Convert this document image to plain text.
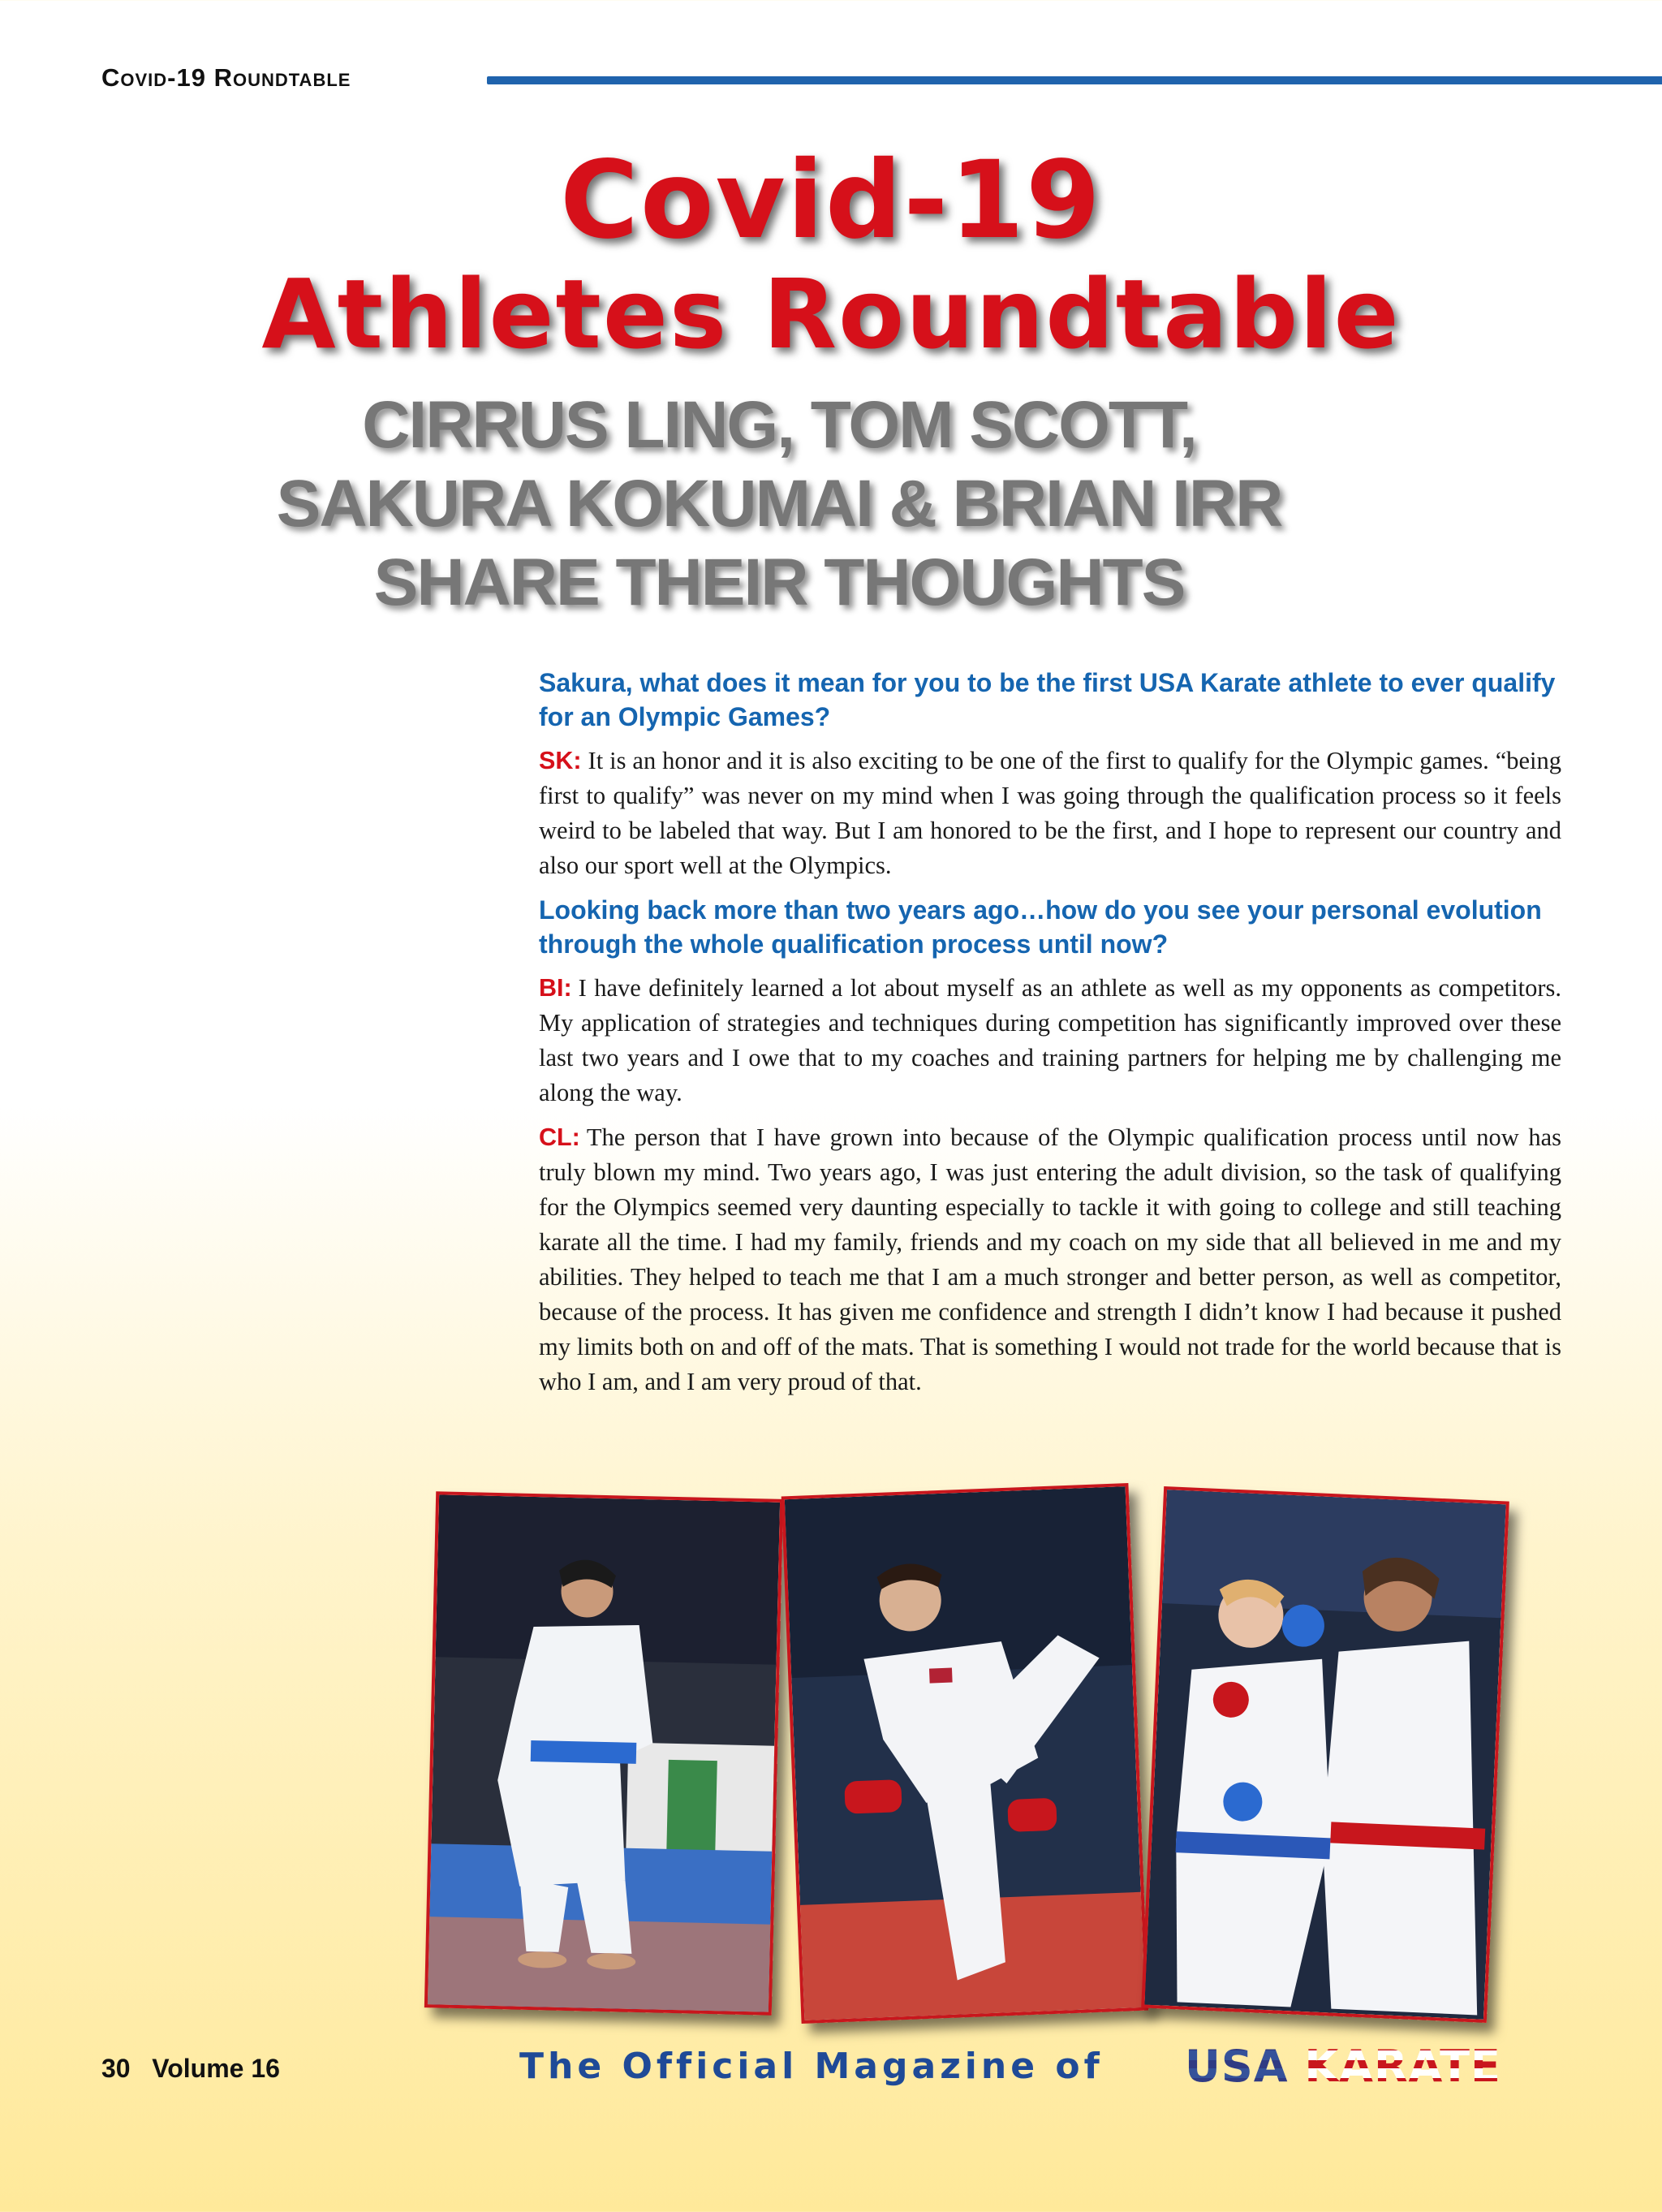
Covid-19 Roundtable
Covid-19
Athletes Roundtable
CIRRUS LING, TOM SCOTT,
SAKURA KOKUMAI & BRIAN IRR
SHARE THEIR THOUGHTS

Sakura, what does it mean for you to be the first USA Karate athlete to ever qualify for an Olympic Games?

SK: It is an honor and it is also exciting to be one of the first to qualify for the Olympic games. “being first to qualify” was never on my mind when I was going through the qualification process so it feels weird to be labeled that way. But I am honored to be the first, and I hope to represent our country and also our sport well at the Olympics.

Looking back more than two years ago…how do you see your personal evolution through the whole qualification process until now?

BI: I have definitely learned a lot about myself as an athlete as well as my opponents as competitors. My application of strategies and techniques during competition has significantly improved over these last two years and I owe that to my coaches and training partners for helping me by challenging me along the way.

CL: The person that I have grown into because of the Olympic qualification process until now has truly blown my mind. Two years ago, I was just entering the adult division, so the task of qualifying for the Olympics seemed very daunting especially to tackle it with going to college and still teaching karate all the time. I had my family, friends and my coach on my side that all believed in me and my abilities. They helped to teach me that I am a much stronger and better person, as well as competitor, because of the process. It has given me confidence and strength I didn’t know I had because it pushed my limits both on and off of the mats. That is something I would not trade for the world because that is who I am, and I am very proud of that.

30 Volume 16	The Official Magazine of
